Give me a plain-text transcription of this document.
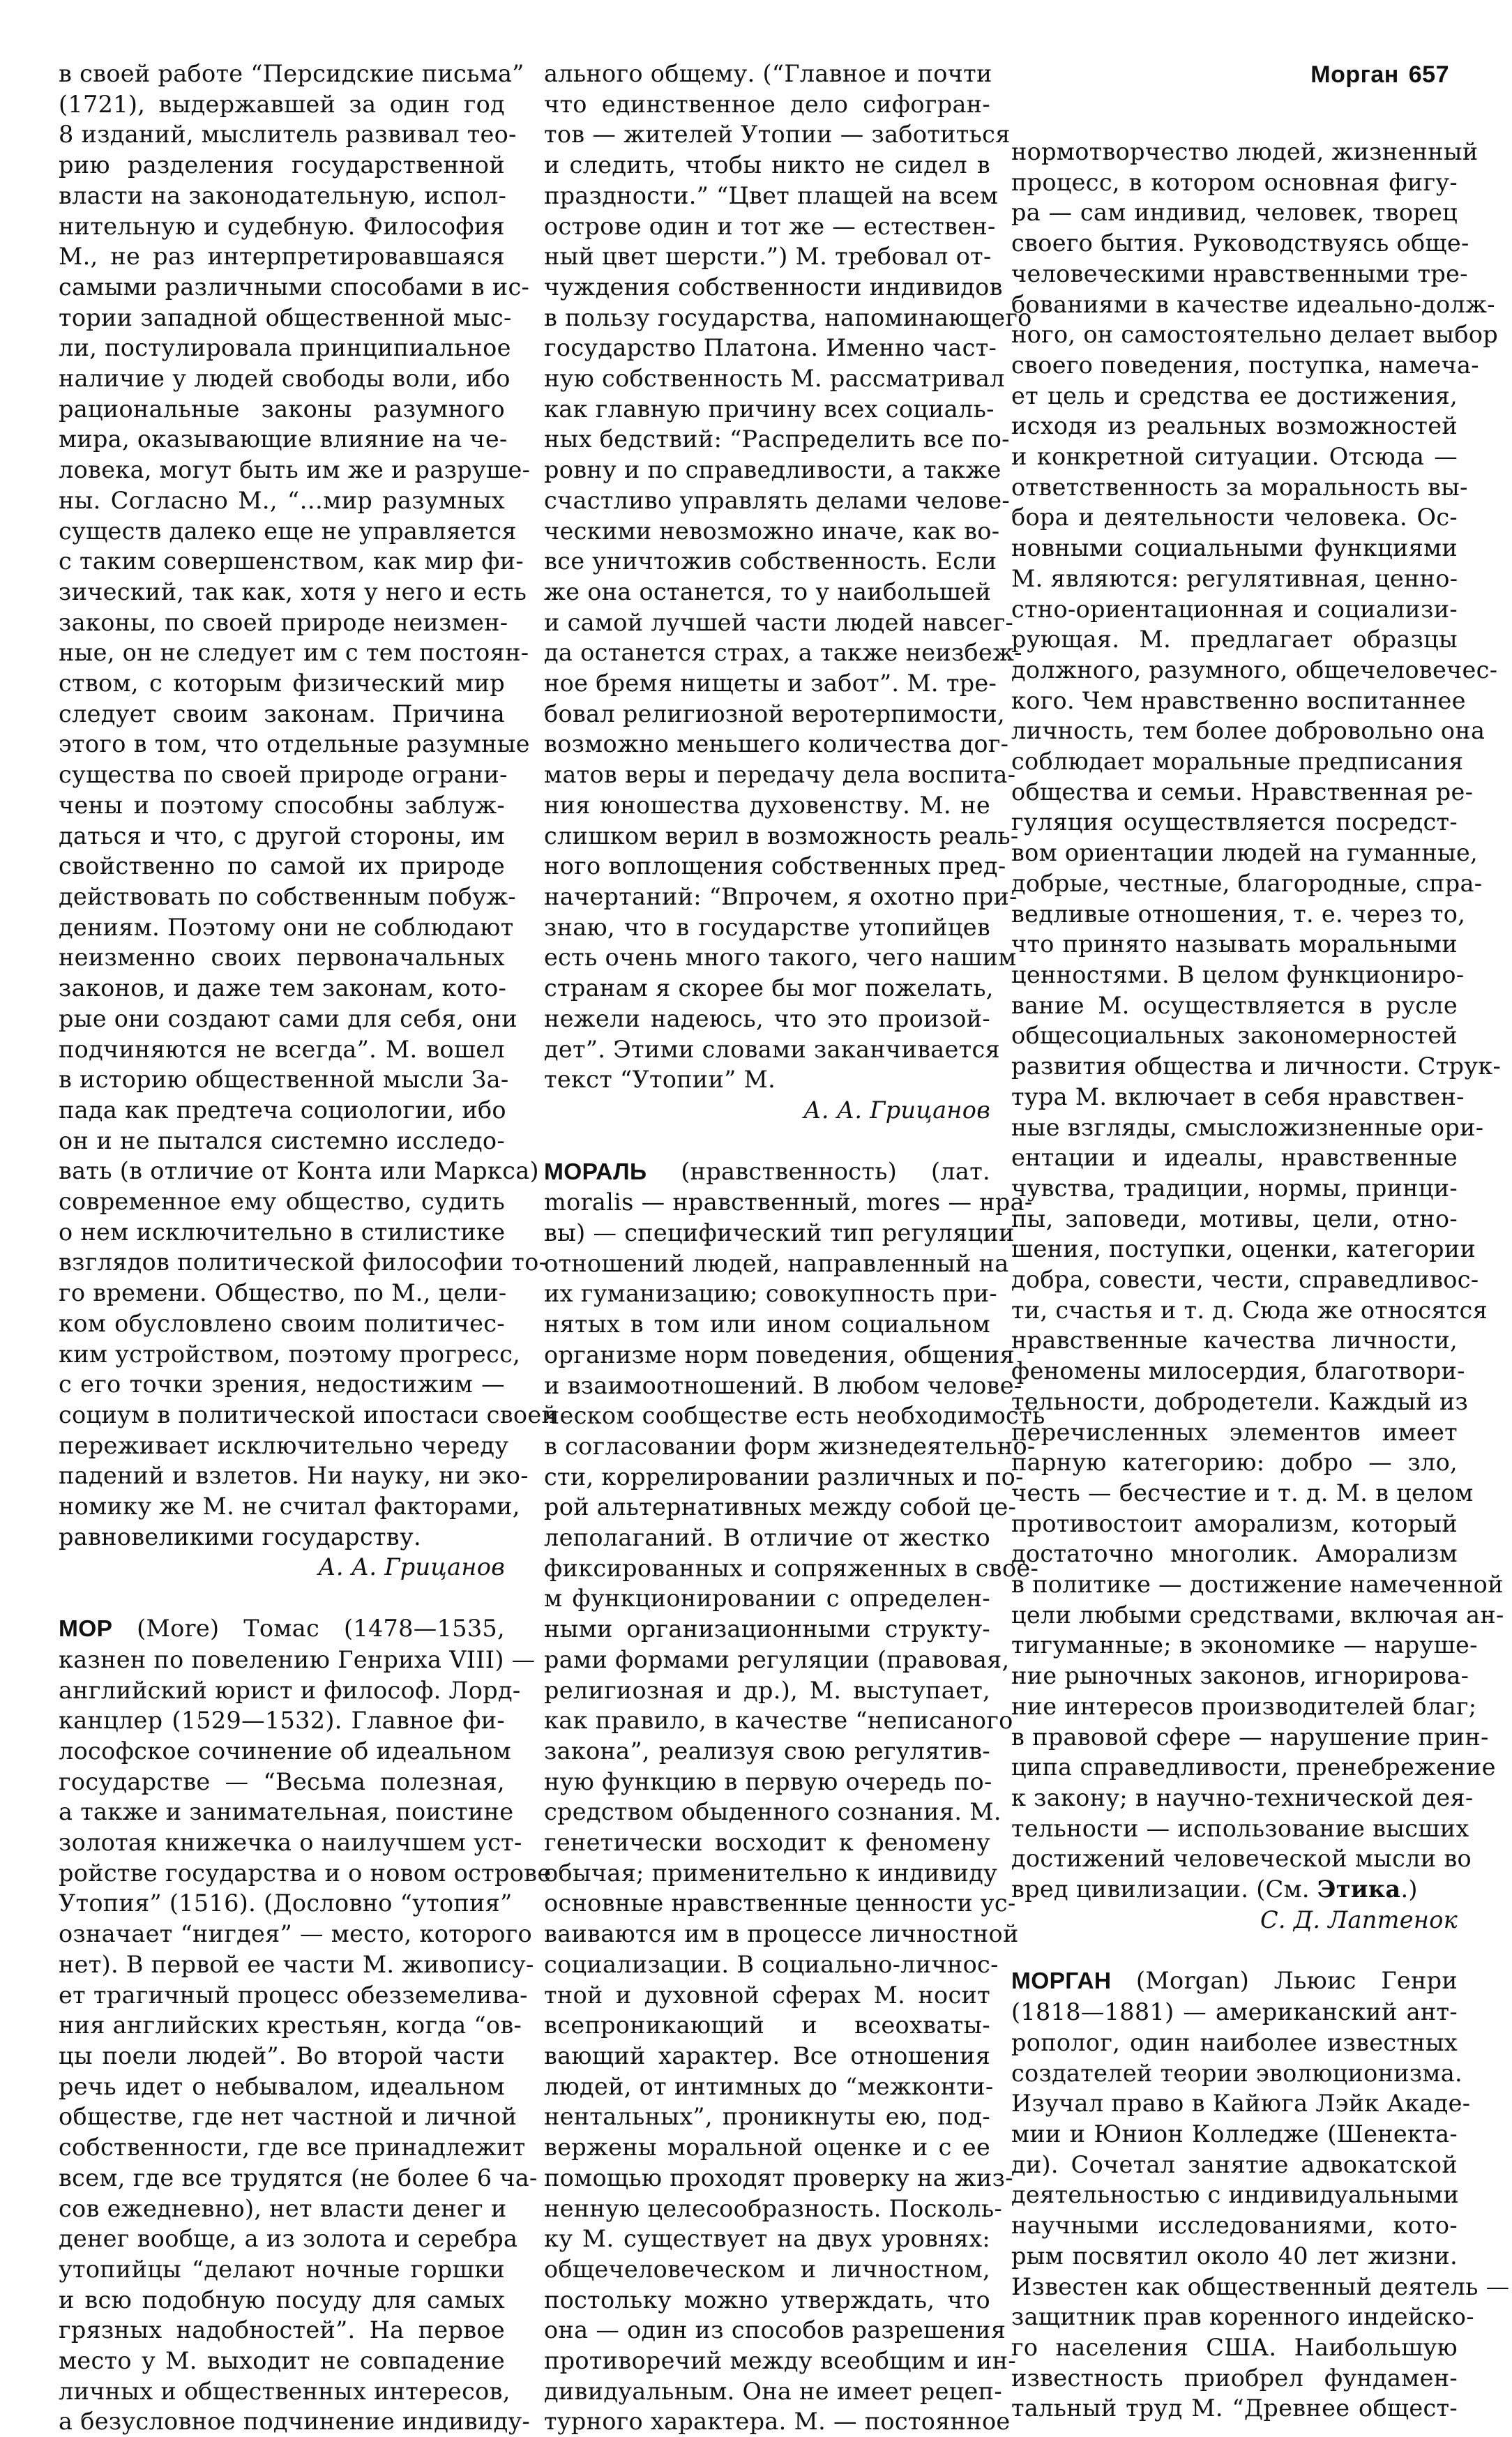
Морган 657
в своей работе “Персидские письма”
(1721), выдержавшей за один год
8 изданий, мыслитель развивал тео-
рию разделения государственной
власти на законодательную, испол-
нительную и судебную. Философия
М., не раз интерпретировавшаяся
самыми различными способами в ис-
тории западной общественной мыс-
ли, постулировала принципиальное
наличие у людей свободы воли, ибо
рациональные законы разумного
мира, оказывающие влияние на че-
ловека, могут быть им же и разруше-
ны. Согласно М., “…мир разумных
существ далеко еще не управляется
с таким совершенством, как мир фи-
зический, так как, хотя у него и есть
законы, по своей природе неизмен-
ные, он не следует им с тем постоян-
ством, с которым физический мир
следует своим законам. Причина
этого в том, что отдельные разумные
существа по своей природе ограни-
чены и поэтому способны заблуж-
даться и что, с другой стороны, им
свойственно по самой их природе
действовать по собственным побуж-
дениям. Поэтому они не соблюдают
неизменно своих первоначальных
законов, и даже тем законам, кото-
рые они создают сами для себя, они
подчиняются не всегда”. М. вошел
в историю общественной мысли За-
пада как предтеча социологии, ибо
он и не пытался системно исследо-
вать (в отличие от Конта или Маркса)
современное ему общество, судить
о нем исключительно в стилистике
взглядов политической философии то-
го времени. Общество, по М., цели-
ком обусловлено своим политичес-
ким устройством, поэтому прогресс,
с его точки зрения, недостижим —
социум в политической ипостаси своей
переживает исключительно череду
падений и взлетов. Ни науку, ни эко-
номику же М. не считал факторами,
равновеликими государству.
А. А. Грицанов
МОР (More) Томас (1478—1535,
казнен по повелению Генриха VIII) —
английский юрист и философ. Лорд-
канцлер (1529—1532). Главное фи-
лософское сочинение об идеальном
государстве — “Весьма полезная,
а также и занимательная, поистине
золотая книжечка о наилучшем уст-
ройстве государства и о новом острове
Утопия” (1516). (Дословно “утопия”
означает “нигдея” — место, которого
нет). В первой ее части М. живопису-
ет трагичный процесс обезземелива-
ния английских крестьян, когда “ов-
цы поели людей”. Во второй части
речь идет о небывалом, идеальном
обществе, где нет частной и личной
собственности, где все принадлежит
всем, где все трудятся (не более 6 ча-
сов ежедневно), нет власти денег и
денег вообще, а из золота и серебра
утопийцы “делают ночные горшки
и всю подобную посуду для самых
грязных надобностей”. На первое
место у М. выходит не совпадение
личных и общественных интересов,
а безусловное подчинение индивиду-
ального общему. (“Главное и почти
что единственное дело сифогран-
тов — жителей Утопии — заботиться
и следить, чтобы никто не сидел в
праздности.” “Цвет плащей на всем
острове один и тот же — естествен-
ный цвет шерсти.”) М. требовал от-
чуждения собственности индивидов
в пользу государства, напоминающего
государство Платона. Именно част-
ную собственность М. рассматривал
как главную причину всех социаль-
ных бедствий: “Распределить все по-
ровну и по справедливости, а также
счастливо управлять делами челове-
ческими невозможно иначе, как во-
все уничтожив собственность. Если
же она останется, то у наибольшей
и самой лучшей части людей навсег-
да останется страх, а также неизбеж-
ное бремя нищеты и забот”. М. тре-
бовал религиозной веротерпимости,
возможно меньшего количества дог-
матов веры и передачу дела воспита-
ния юношества духовенству. М. не
слишком верил в возможность реаль-
ного воплощения собственных пред-
начертаний: “Впрочем, я охотно при-
знаю, что в государстве утопийцев
есть очень много такого, чего нашим
странам я скорее бы мог пожелать,
нежели надеюсь, что это произой-
дет”. Этими словами заканчивается
текст “Утопии” М.
А. А. Грицанов
МОРАЛЬ (нравственность) (лат.
moralis — нравственный, mores — нра-
вы) — специфический тип регуляции
отношений людей, направленный на
их гуманизацию; совокупность при-
нятых в том или ином социальном
организме норм поведения, общения
и взаимоотношений. В любом челове-
ческом сообществе есть необходимость
в согласовании форм жизнедеятельно-
сти, коррелировании различных и по-
рой альтернативных между собой це-
леполаганий. В отличие от жестко
фиксированных и сопряженных в свое-
м функционировании с определен-
ными организационными структу-
рами формами регуляции (правовая,
религиозная и др.), М. выступает,
как правило, в качестве “неписаного
закона”, реализуя свою регулятив-
ную функцию в первую очередь по-
средством обыденного сознания. М.
генетически восходит к феномену
обычая; применительно к индивиду
основные нравственные ценности ус-
ваиваются им в процессе личностной
социализации. В социально-личнос-
тной и духовной сферах М. носит
всепроникающий и всеохваты-
вающий характер. Все отношения
людей, от интимных до “межконти-
нентальных”, проникнуты ею, под-
вержены моральной оценке и с ее
помощью проходят проверку на жиз-
ненную целесообразность. Посколь-
ку М. существует на двух уровнях:
общечеловеческом и личностном,
постольку можно утверждать, что
она — один из способов разрешения
противоречий между всеобщим и ин-
дивидуальным. Она не имеет рецеп-
турного характера. М. — постоянное
нормотворчество людей, жизненный
процесс, в котором основная фигу-
ра — сам индивид, человек, творец
своего бытия. Руководствуясь обще-
человеческими нравственными тре-
бованиями в качестве идеально-долж-
ного, он самостоятельно делает выбор
своего поведения, поступка, намеча-
ет цель и средства ее достижения,
исходя из реальных возможностей
и конкретной ситуации. Отсюда —
ответственность за моральность вы-
бора и деятельности человека. Ос-
новными социальными функциями
М. являются: регулятивная, ценно-
стно-ориентационная и социализи-
рующая. М. предлагает образцы
должного, разумного, общечеловечес-
кого. Чем нравственно воспитаннее
личность, тем более добровольно она
соблюдает моральные предписания
общества и семьи. Нравственная ре-
гуляция осуществляется посредст-
вом ориентации людей на гуманные,
добрые, честные, благородные, спра-
ведливые отношения, т. е. через то,
что принято называть моральными
ценностями. В целом функциониро-
вание М. осуществляется в русле
общесоциальных закономерностей
развития общества и личности. Струк-
тура М. включает в себя нравствен-
ные взгляды, смысложизненные ори-
ентации и идеалы, нравственные
чувства, традиции, нормы, принци-
пы, заповеди, мотивы, цели, отно-
шения, поступки, оценки, категории
добра, совести, чести, справедливос-
ти, счастья и т. д. Сюда же относятся
нравственные качества личности,
феномены милосердия, благотвори-
тельности, добродетели. Каждый из
перечисленных элементов имеет
парную категорию: добро — зло,
честь — бесчестие и т. д. М. в целом
противостоит аморализм, который
достаточно многолик. Аморализм
в политике — достижение намеченной
цели любыми средствами, включая ан-
тигуманные; в экономике — наруше-
ние рыночных законов, игнорирова-
ние интересов производителей благ;
в правовой сфере — нарушение прин-
ципа справедливости, пренебрежение
к закону; в научно-технической дея-
тельности — использование высших
достижений человеческой мысли во
вред цивилизации. (См. Этика.)
С. Д. Лаптенок
МОРГАН (Morgan) Льюис Генри
(1818—1881) — американский ант-
рополог, один наиболее известных
создателей теории эволюционизма.
Изучал право в Кайюга Лэйк Акаде-
мии и Юнион Колледже (Шенекта-
ди). Сочетал занятие адвокатской
деятельностью с индивидуальными
научными исследованиями, кото-
рым посвятил около 40 лет жизни.
Известен как общественный деятель —
защитник прав коренного индейско-
го населения США. Наибольшую
известность приобрел фундамен-
тальный труд М. “Древнее общест-
